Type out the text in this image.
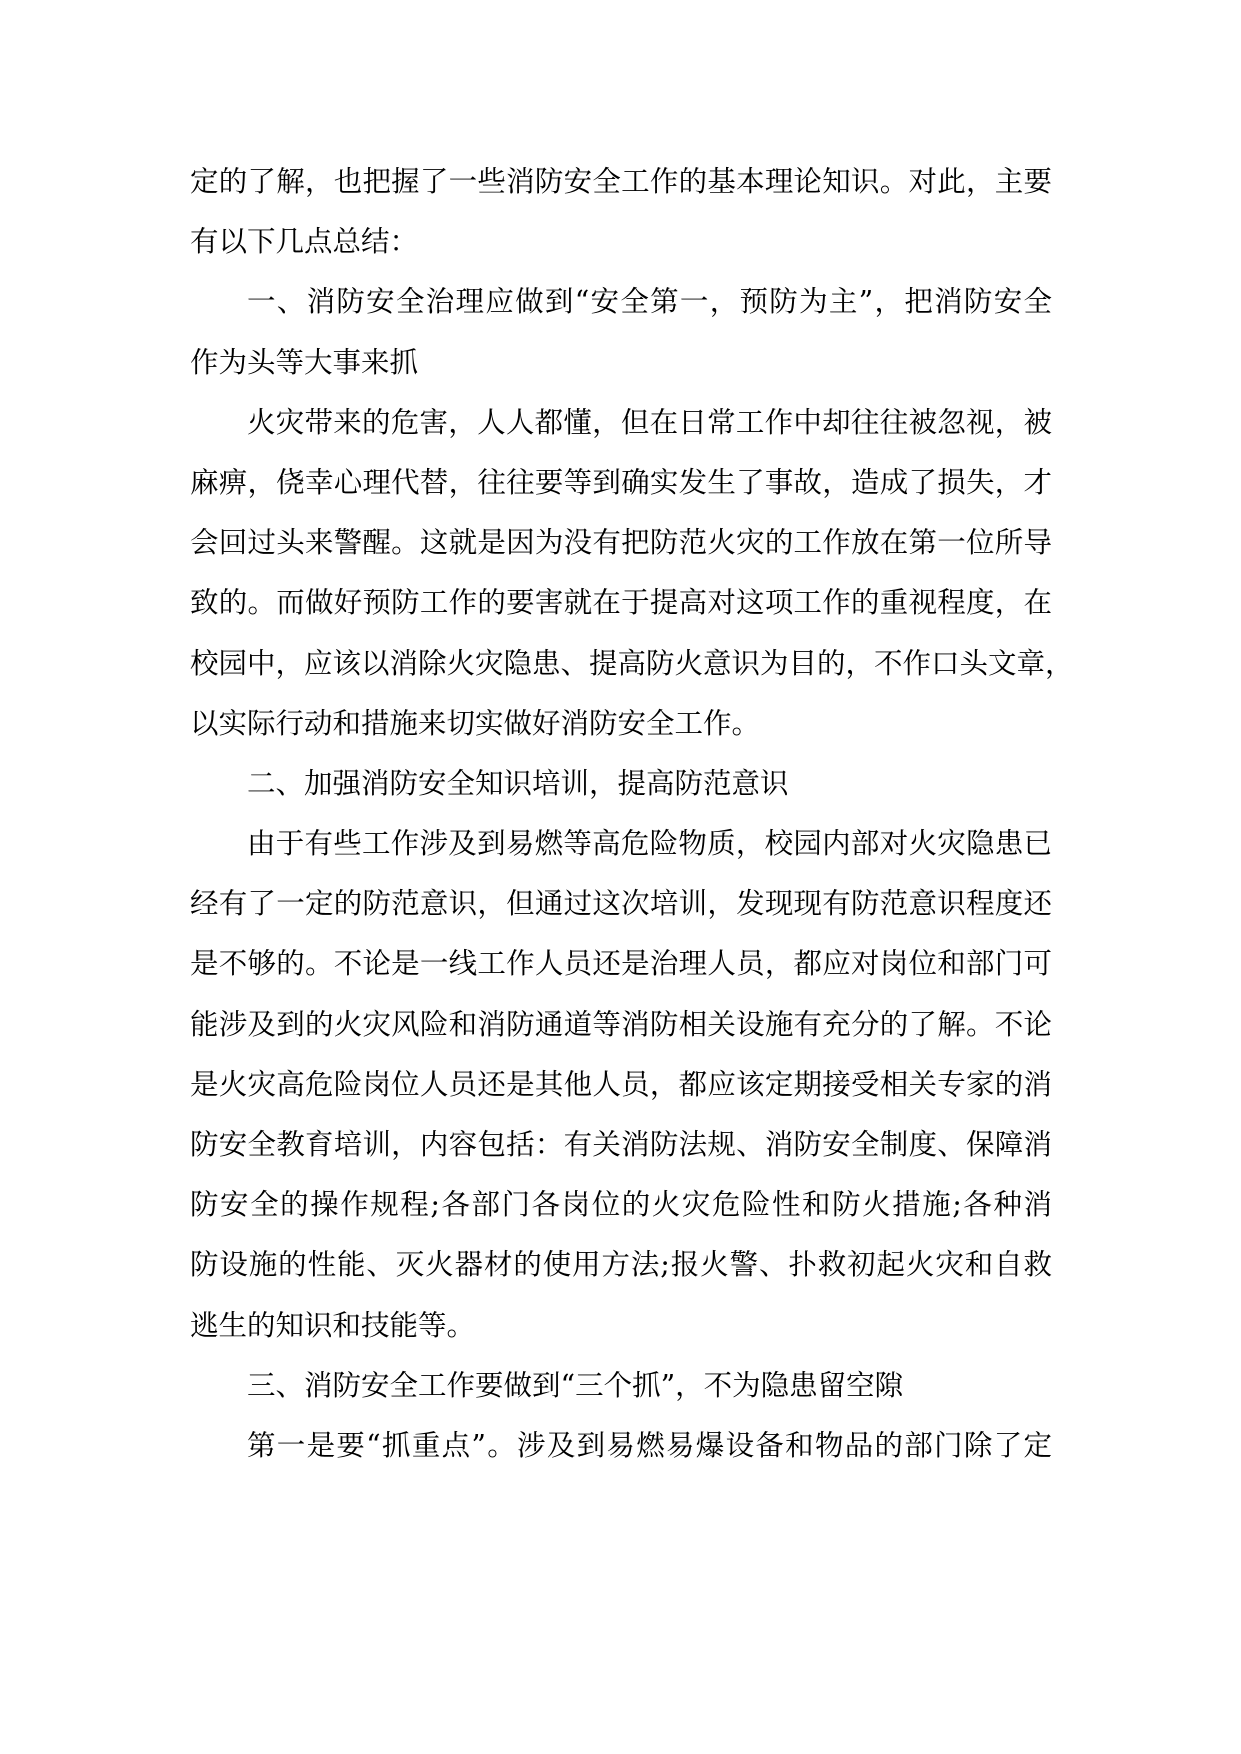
定的了解，也把握了一些消防安全工作的基本理论知识。对此，主要
有以下几点总结：
一、消防安全治理应做到“安全第一，预防为主”，把消防安全
作为头等大事来抓
火灾带来的危害，人人都懂，但在日常工作中却往往被忽视，被
麻痹，侥幸心理代替，往往要等到确实发生了事故，造成了损失，才
会回过头来警醒。这就是因为没有把防范火灾的工作放在第一位所导
致的。而做好预防工作的要害就在于提高对这项工作的重视程度，在
校园中，应该以消除火灾隐患、提高防火意识为目的，不作口头文章，
以实际行动和措施来切实做好消防安全工作。
二、加强消防安全知识培训，提高防范意识
由于有些工作涉及到易燃等高危险物质，校园内部对火灾隐患已
经有了一定的防范意识，但通过这次培训，发现现有防范意识程度还
是不够的。不论是一线工作人员还是治理人员，都应对岗位和部门可
能涉及到的火灾风险和消防通道等消防相关设施有充分的了解。不论
是火灾高危险岗位人员还是其他人员，都应该定期接受相关专家的消
防安全教育培训，内容包括：有关消防法规、消防安全制度、保障消
防安全的操作规程;各部门各岗位的火灾危险性和防火措施;各种消
防设施的性能、灭火器材的使用方法;报火警、扑救初起火灾和自救
逃生的知识和技能等。
三、消防安全工作要做到“三个抓”，不为隐患留空隙
第一是要“抓重点”。涉及到易燃易爆设备和物品的部门除了定
